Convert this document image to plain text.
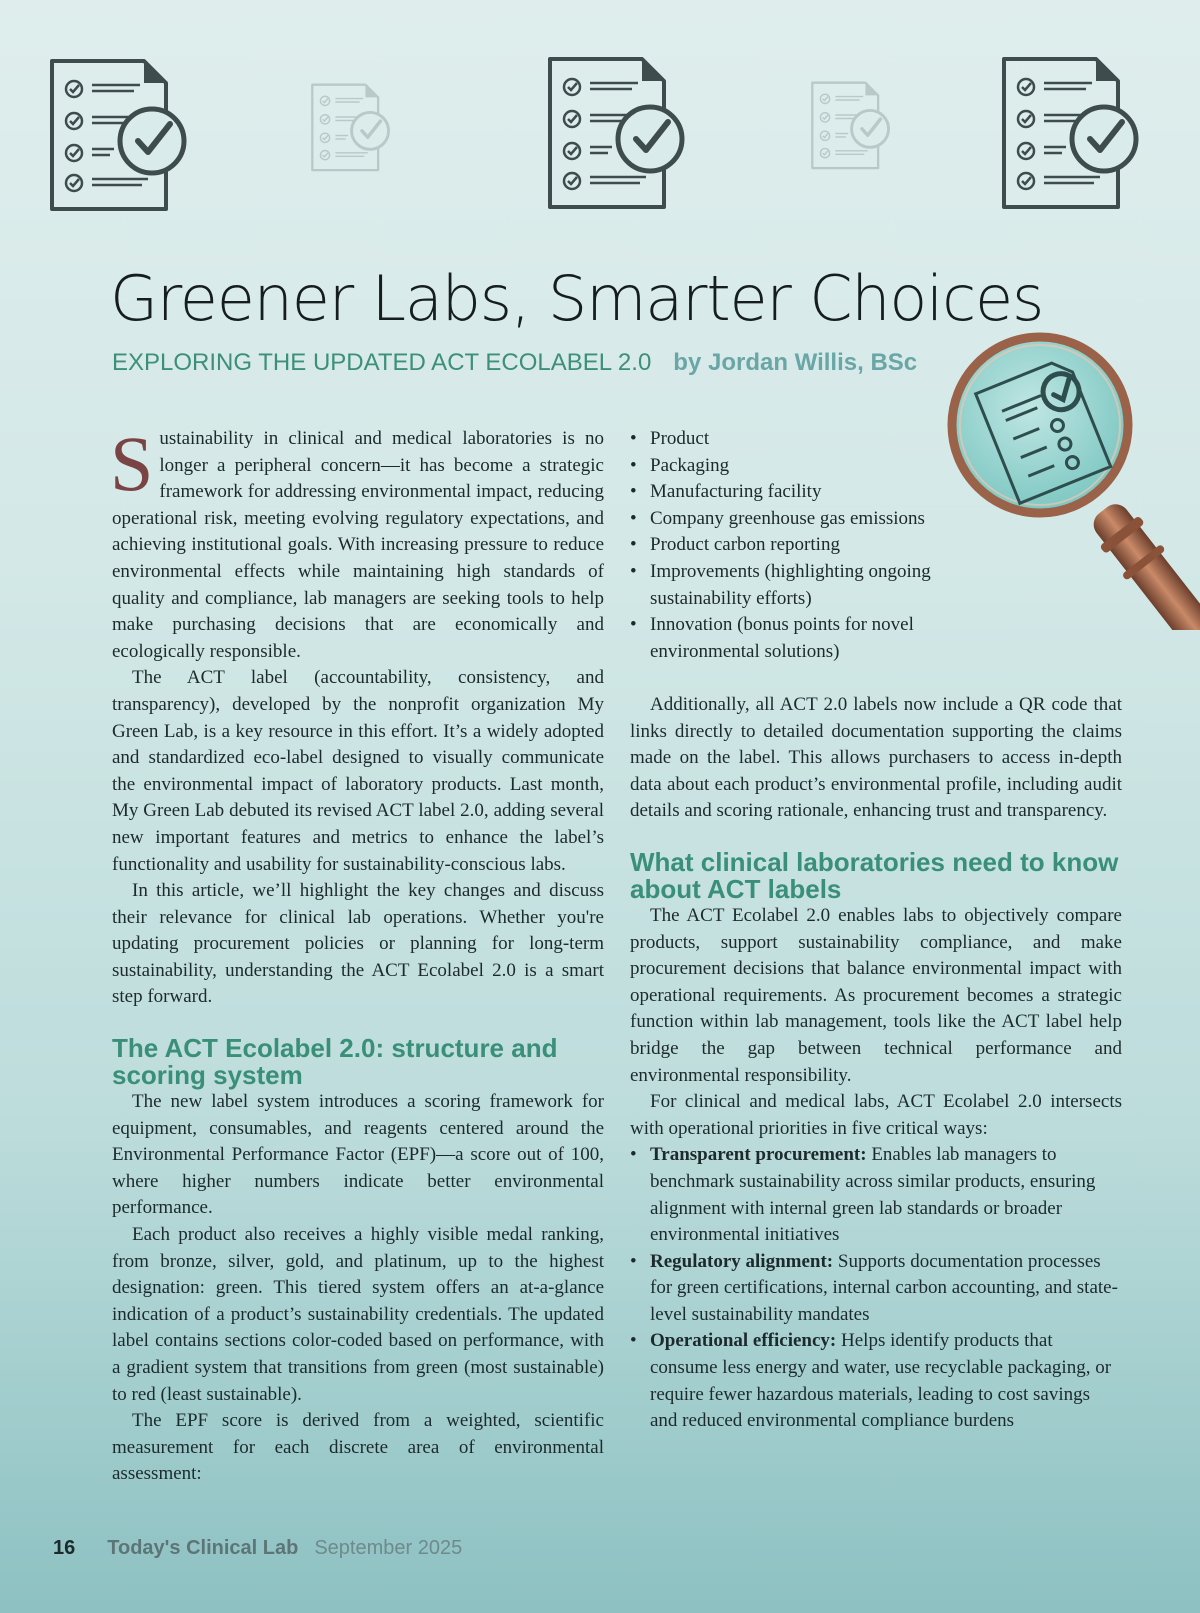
Greener Labs, Smarter Choices
EXPLORING THE UPDATED ACT ECOLABEL 2.0 by Jordan Willis, BSc

Sustainability in clinical and medical laboratories is no longer a peripheral concern—it has become a strategic framework for addressing environmental impact, reducing operational risk, meeting evolving regulatory expectations, and achieving institutional goals. With increasing pressure to reduce environmental effects while maintaining high standards of quality and compliance, lab managers are seeking tools to help make purchasing decisions that are economically and ecologically responsible.

The ACT label (accountability, consistency, and transparency), developed by the nonprofit organization My Green Lab, is a key resource in this effort. It’s a widely adopted and standardized eco-label designed to visually communicate the environmental impact of laboratory products. Last month, My Green Lab debuted its revised ACT label 2.0, adding several new important features and metrics to enhance the label’s functionality and usability for sustainability-conscious labs.

In this article, we’ll highlight the key changes and discuss their relevance for clinical lab operations. Whether you're updating procurement policies or planning for long-term sustainability, understanding the ACT Ecolabel 2.0 is a smart step forward.

The ACT Ecolabel 2.0: structure and scoring system

The new label system introduces a scoring framework for equipment, consumables, and reagents centered around the Environmental Performance Factor (EPF)—a score out of 100, where higher numbers indicate better environmental performance.

Each product also receives a highly visible medal ranking, from bronze, silver, gold, and platinum, up to the highest designation: green. This tiered system offers an at-a-glance indication of a product’s sustainability credentials. The updated label contains sections color-coded based on performance, with a gradient system that transitions from green (most sustainable) to red (least sustainable).

The EPF score is derived from a weighted, scientific measurement for each discrete area of environmental assessment:

• Product
• Packaging
• Manufacturing facility
• Company greenhouse gas emissions
• Product carbon reporting
• Improvements (highlighting ongoing sustainability efforts)
• Innovation (bonus points for novel environmental solutions)

Additionally, all ACT 2.0 labels now include a QR code that links directly to detailed documentation supporting the claims made on the label. This allows purchasers to access in-depth data about each product’s environmental profile, including audit details and scoring rationale, enhancing trust and transparency.

What clinical laboratories need to know about ACT labels

The ACT Ecolabel 2.0 enables labs to objectively compare products, support sustainability compliance, and make procurement decisions that balance environmental impact with operational requirements. As procurement becomes a strategic function within lab management, tools like the ACT label help bridge the gap between technical performance and environmental responsibility.

For clinical and medical labs, ACT Ecolabel 2.0 intersects with operational priorities in five critical ways:

• Transparent procurement: Enables lab managers to benchmark sustainability across similar products, ensuring alignment with internal green lab standards or broader environmental initiatives
• Regulatory alignment: Supports documentation processes for green certifications, internal carbon accounting, and state-level sustainability mandates
• Operational efficiency: Helps identify products that consume less energy and water, use recyclable packaging, or require fewer hazardous materials, leading to cost savings and reduced environmental compliance burdens
16 Today's Clinical Lab September 2025
